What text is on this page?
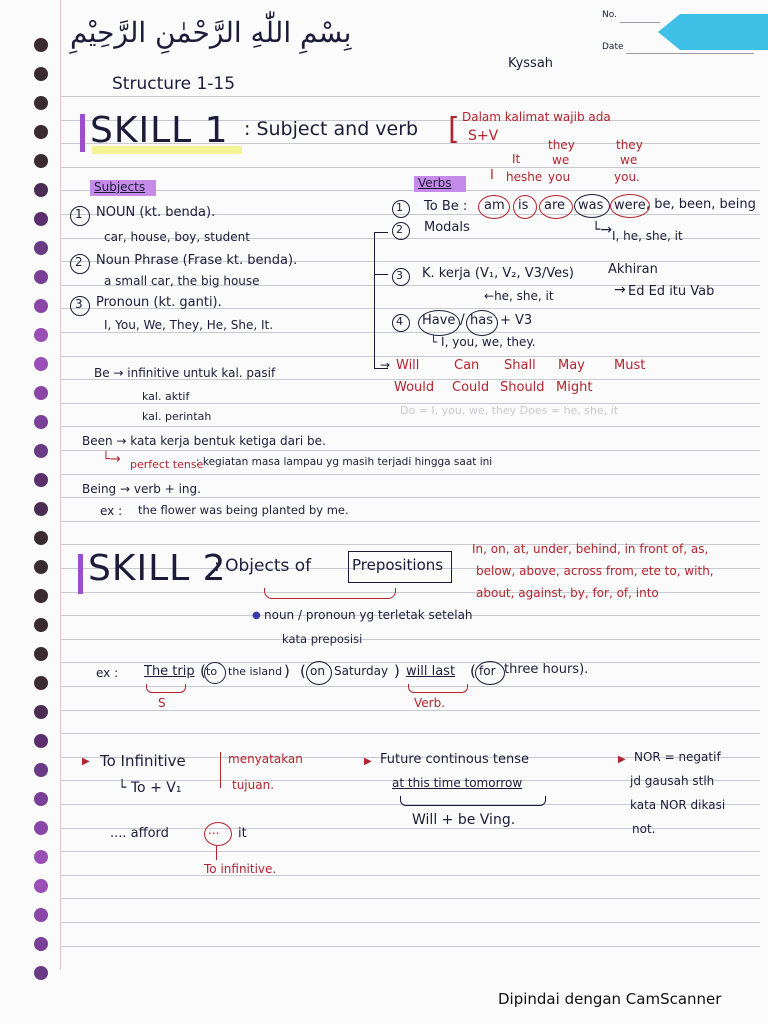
No.
Date
بِسْمِ اللّٰهِ الرَّحْمٰنِ الرَّحِيْمِ
Structure 1-15
Kyssah
SKILL 1 : Subject and verb [ Dalam kalimat wajib ada
S+V
they	they
It	we	we
I heshe you	you.
Subjects
1 NOUN (kt. benda).
car, house, boy, student
2 Noun Phrase (Frase kt. benda).
a small car, the big house
3 Pronoun (kt. ganti).
I, You, We, They, He, She, It.
Verbs
1 To Be : am is are was were , be, been, being
└→ I, he, she, it
2 Modals
3 K. kerja (V₁, V₂, V3/Ves)	Akhiran
→ Ed Ed itu Vab
←he, she, it
4 Have / has + V3
└ I, you, we, they.
→ Will	Can Shall May Must
Would Could Should Might
Do = I, you, we, they Does = he, she, it
Be → infinitive untuk kal. pasif
kal. aktif
kal. perintah
Been → kata kerja bentuk ketiga dari be.
└→ perfect tense
: kegiatan masa lampau yg masih terjadi hingga saat ini
Being → verb + ing.
ex : the flower was being planted by me.
SKILL 2
: Objects of	Prepositions
In, on, at, under, behind, in front of, as,
below, above, across from, ete to, with,
about, against, by, for, of, into
● noun / pronoun yg terletak setelah
kata preposisi
ex : The trip ( to the island ) ( on Saturday ) will last ( for three hours).
S	Verb.
▶ To Infinitive
└ To + V₁
menyatakan
tujuan.
.... afford	... it
To infinitive.
▶ Future continous tense
at this time tomorrow
Will + be Ving.
▶ NOR = negatif
jd gausah stlh
kata NOR dikasi
not.
Dipindai dengan CamScanner
